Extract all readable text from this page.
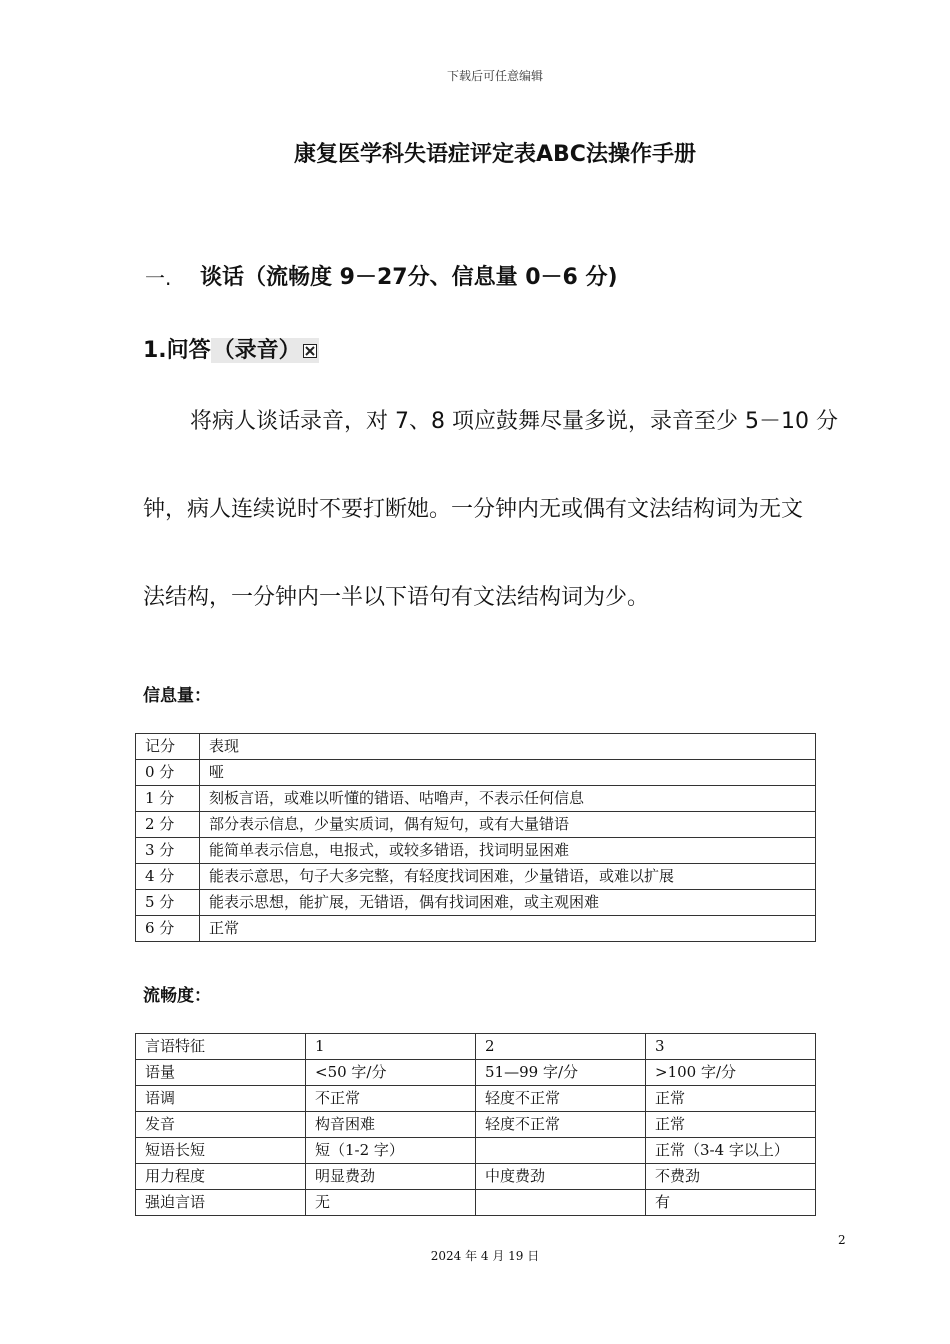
下载后可任意编辑
康复医学科失语症评定表ABC法操作手册
一. 谈话（流畅度 9－27分、信息量 0－6 分)
1.问答（录音）
将病人谈话录音，对 7、8 项应鼓舞尽量多说，录音至少 5－10 分
钟，病人连续说时不要打断她。一分钟内无或偶有文法结构词为无文
法结构，一分钟内一半以下语句有文法结构词为少。
信息量：
记分	表现
0 分	哑
1 分	刻板言语，或难以听懂的错语、咕噜声，不表示任何信息
2 分	部分表示信息，少量实质词，偶有短句，或有大量错语
3 分	能简单表示信息，电报式，或较多错语，找词明显困难
4 分	能表示意思，句子大多完整，有轻度找词困难，少量错语，或难以扩展
5 分	能表示思想，能扩展，无错语，偶有找词困难，或主观困难
6 分	正常
流畅度：
言语特征	1	2	3
语量	<50 字/分	51—99 字/分	>100 字/分
语调	不正常	轻度不正常	正常
发音	构音困难	轻度不正常	正常
短语长短	短（1-2 字）		正常（3-4 字以上）
用力程度	明显费劲	中度费劲	不费劲
强迫言语	无		有
2
2024 年 4 月 19 日
